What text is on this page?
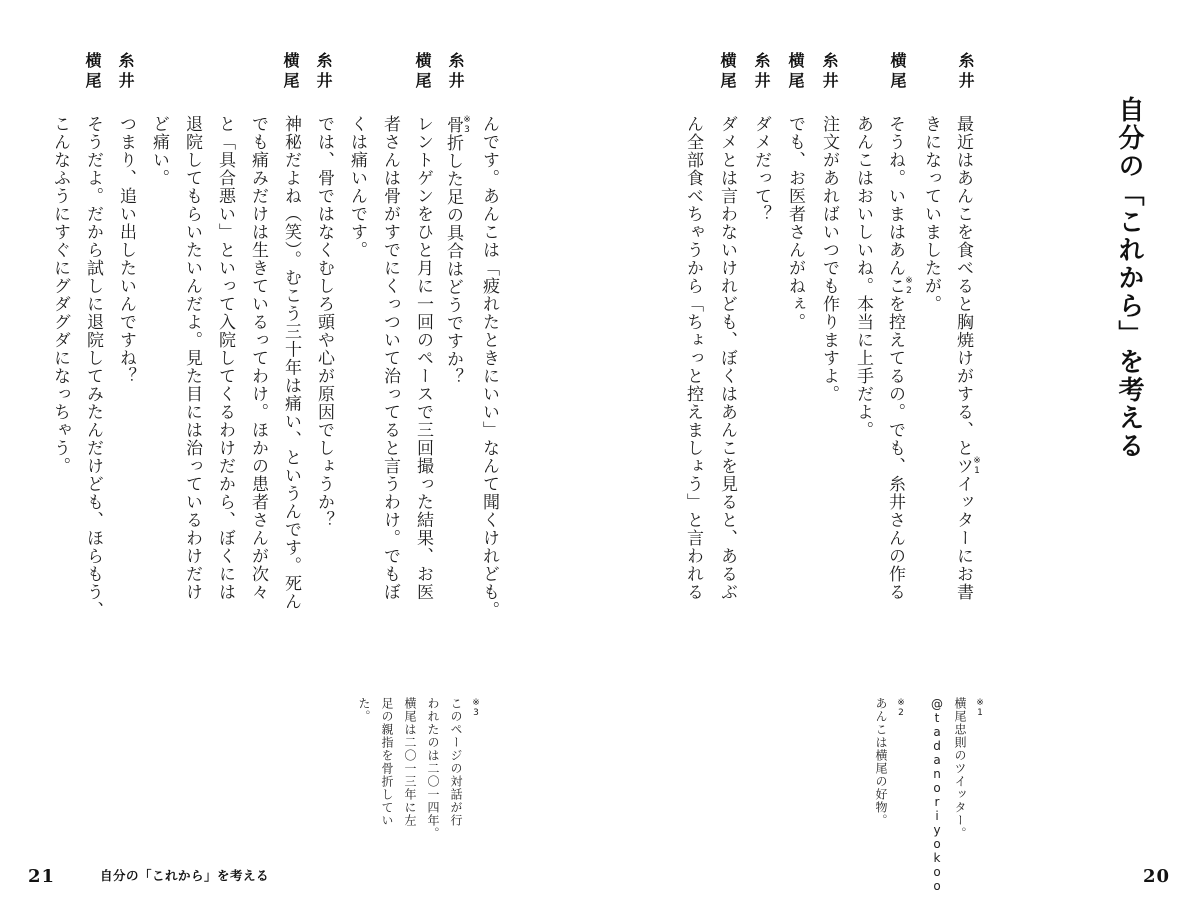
自分の「これから」を考える
糸井
最近はあんこを食べると胸焼けがする、とツ ※1イッターにお書
きになっていましたが。
横尾
そうね。いまはあんこ ※2を控えてるの。でも、糸井さんの作る
あんこはおいしいね。本当に上手だよ。
糸井
注文があればいつでも作りますよ。
横尾
でも、お医者さんがねぇ。
糸井
ダメだって？
横尾
ダメとは言わないけれども、ぼくはあんこを見ると、あるぶ
ん全部食べちゃうから「ちょっと控えましょう」と言われる
※1
横尾忠則のツイッター。
@tadanoriyokoo
※2
あんこは横尾の好物。
20
んです。あんこは「疲れたときにいい」なんて聞くけれども。
糸井
骨 ※3折した足の具合はどうですか？
横尾
レントゲンをひと月に一回のペースで三回撮った結果、お医
者さんは骨がすでにくっついて治ってると言うわけ。でもぼ
くは痛いんです。
糸井
では、骨ではなくむしろ頭や心が原因でしょうか？
横尾
神秘だよね（笑）。むこう三十年は痛い、というんです。死ん
でも痛みだけは生きているってわけ。ほかの患者さんが次々
と「具合悪い」といって入院してくるわけだから、ぼくには
退院してもらいたいんだよ。見た目には治っているわけだけ
ど痛い。
糸井
つまり、追い出したいんですね？
横尾
そうだよ。だから試しに退院してみたんだけども、ほらもう、
こんなふうにすぐにグダグダになっちゃう。
※3
このページの対話が行
われたのは二〇一四年。
横尾は二〇一三年に左
足の親指を骨折してい
た。
21	自分の「これから」を考える
